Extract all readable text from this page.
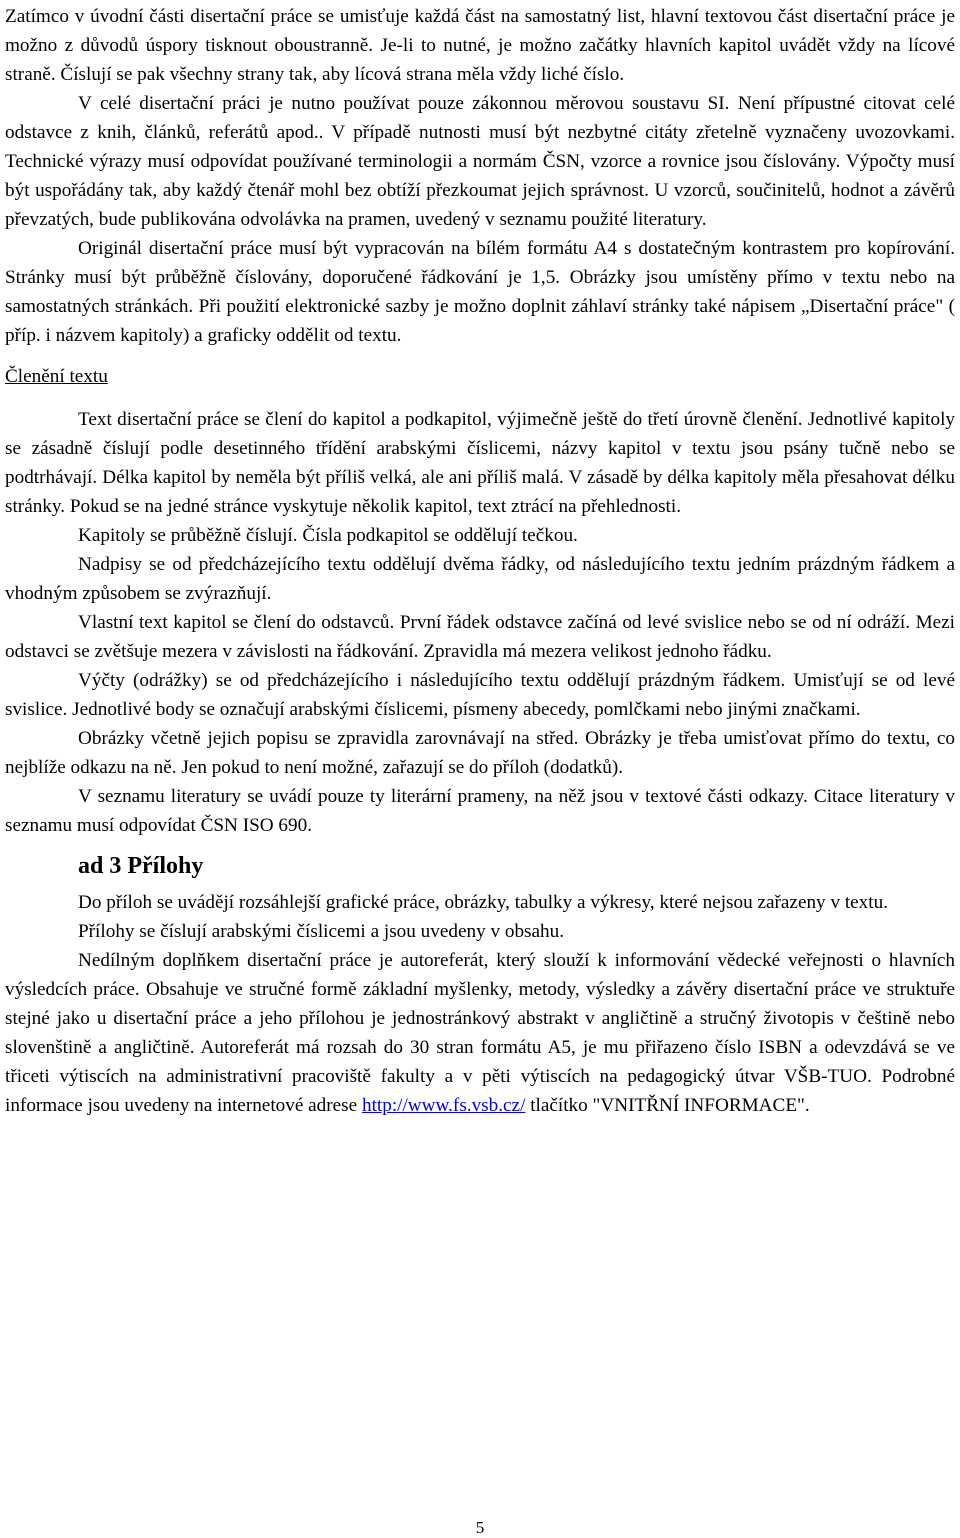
Zatímco v úvodní části disertační práce se umisťuje každá část na samostatný list, hlavní textovou část disertační práce je možno z důvodů úspory tisknout oboustranně. Je-li to nutné, je možno začátky hlavních kapitol uvádět vždy na lícové straně. Číslují se pak všechny strany tak, aby lícová strana měla vždy liché číslo.

V celé disertační práci je nutno používat pouze zákonnou měrovou soustavu SI. Není přípustné citovat celé odstavce z knih, článků, referátů apod.. V případě nutnosti musí být nezbytné citáty zřetelně vyznačeny uvozovkami. Technické výrazy musí odpovídat používané terminologii a normám ČSN, vzorce a rovnice jsou číslovány. Výpočty musí být uspořádány tak, aby každý čtenář mohl bez obtíží přezkoumat jejich správnost. U vzorců, součinitelů, hodnot a závěrů převzatých, bude publikována odvolávka na pramen, uvedený v seznamu použité literatury.

Originál disertační práce musí být vypracován na bílém formátu A4 s dostatečným kontrastem pro kopírování. Stránky musí být průběžně číslovány, doporučené řádkování je 1,5. Obrázky jsou umístěny přímo v textu nebo na samostatných stránkách. Při použití elektronické sazby je možno doplnit záhlaví stránky také nápisem „Disertační práce" ( příp. i názvem kapitoly) a graficky oddělit od textu.

Členění textu

Text disertační práce se člení do kapitol a podkapitol, výjimečně ještě do třetí úrovně členění. Jednotlivé kapitoly se zásadně číslují podle desetinného třídění arabskými číslicemi, názvy kapitol v textu jsou psány tučně nebo se podtrhávají. Délka kapitol by neměla být příliš velká, ale ani příliš malá. V zásadě by délka kapitoly měla přesahovat délku stránky. Pokud se na jedné stránce vyskytuje několik kapitol, text ztrácí na přehlednosti.

Kapitoly se průběžně číslují. Čísla podkapitol se oddělují tečkou.

Nadpisy se od předcházejícího textu oddělují dvěma řádky, od následujícího textu jedním prázdným řádkem a vhodným způsobem se zvýrazňují.

Vlastní text kapitol se člení do odstavců. První řádek odstavce začíná od levé svislice nebo se od ní odráží. Mezi odstavci se zvětšuje mezera v závislosti na řádkování. Zpravidla má mezera velikost jednoho řádku.

Výčty (odrážky) se od předcházejícího i následujícího textu oddělují prázdným řádkem. Umisťují se od levé svislice. Jednotlivé body se označují arabskými číslicemi, písmeny abecedy, pomlčkami nebo jinými značkami.

Obrázky včetně jejich popisu se zpravidla zarovnávají na střed. Obrázky je třeba umisťovat přímo do textu, co nejblíže odkazu na ně. Jen pokud to není možné, zařazují se do příloh (dodatků).

V seznamu literatury se uvádí pouze ty literární prameny, na něž jsou v textové části odkazy. Citace literatury v seznamu musí odpovídat ČSN ISO 690.

ad 3 Přílohy

Do příloh se uvádějí rozsáhlejší grafické práce, obrázky, tabulky a výkresy, které nejsou zařazeny v textu.

Přílohy se číslují arabskými číslicemi a jsou uvedeny v obsahu.

Nedílným doplňkem disertační práce je autoreferát, který slouží k informování vědecké veřejnosti o hlavních výsledcích práce. Obsahuje ve stručné formě základní myšlenky, metody, výsledky a závěry disertační práce ve struktuře stejné jako u disertační práce a jeho přílohou je jednostránkový abstrakt v angličtině a stručný životopis v češtině nebo slovenštině a angličtině. Autoreferát má rozsah do 30 stran formátu A5, je mu přiřazeno číslo ISBN a odevzdává se ve třiceti výtiscích na administrativní pracoviště fakulty a v pěti výtiscích na pedagogický útvar VŠB-TUO. Podrobné informace jsou uvedeny na internetové adrese http://www.fs.vsb.cz/ tlačítko "VNITŘNÍ INFORMACE".

5
